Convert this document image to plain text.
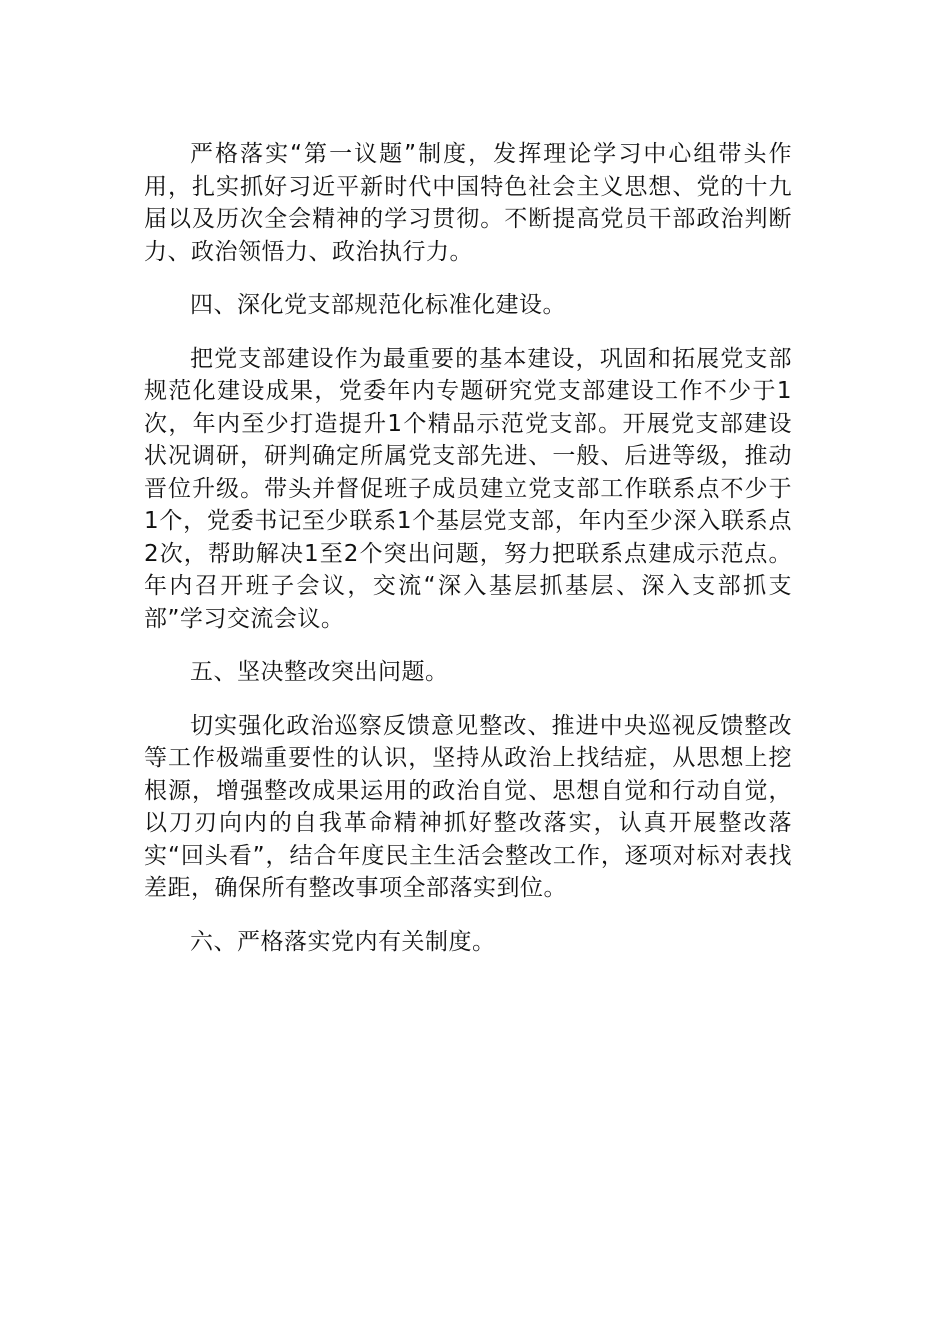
严格落实“第一议题”制度，发挥理论学习中心组带头作用，扎实抓好习近平新时代中国特色社会主义思想、党的十九届以及历次全会精神的学习贯彻。不断提高党员干部政治判断力、政治领悟力、政治执行力。

四、深化党支部规范化标准化建设。

把党支部建设作为最重要的基本建设，巩固和拓展党支部规范化建设成果，党委年内专题研究党支部建设工作不少于1次，年内至少打造提升1个精品示范党支部。开展党支部建设状况调研，研判确定所属党支部先进、一般、后进等级，推动晋位升级。带头并督促班子成员建立党支部工作联系点不少于1个，党委书记至少联系1个基层党支部，年内至少深入联系点2次，帮助解决1至2个突出问题，努力把联系点建成示范点。年内召开班子会议，交流“深入基层抓基层、深入支部抓支部”学习交流会议。

五、坚决整改突出问题。

切实强化政治巡察反馈意见整改、推进中央巡视反馈整改等工作极端重要性的认识，坚持从政治上找结症，从思想上挖根源，增强整改成果运用的政治自觉、思想自觉和行动自觉，以刀刃向内的自我革命精神抓好整改落实，认真开展整改落实“回头看”，结合年度民主生活会整改工作，逐项对标对表找差距，确保所有整改事项全部落实到位。

六、严格落实党内有关制度。
